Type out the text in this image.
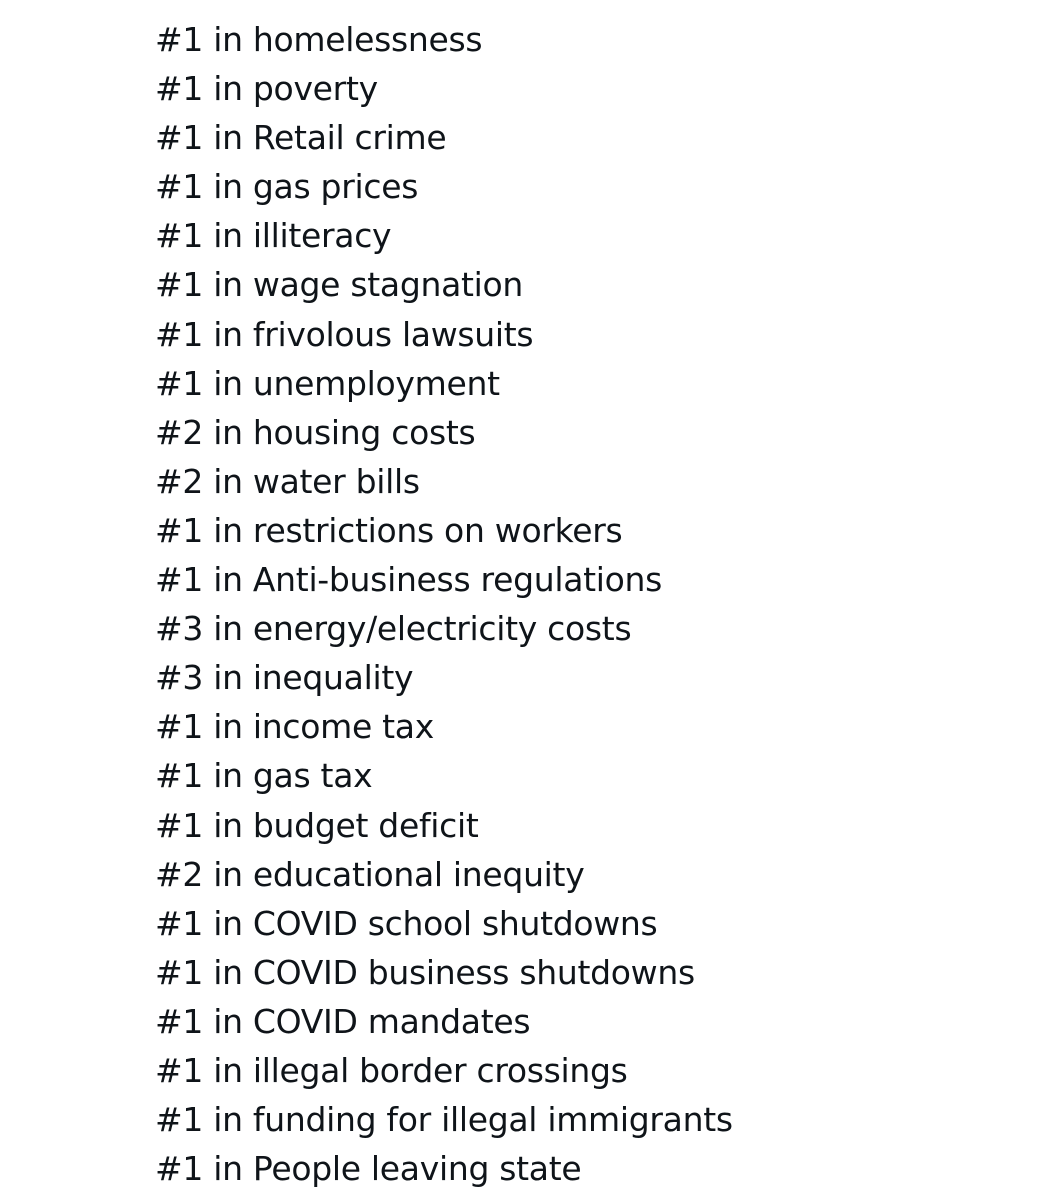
#1 in homelessness
#1 in poverty
#1 in Retail crime
#1 in gas prices
#1 in illiteracy
#1 in wage stagnation
#1 in frivolous lawsuits
#1 in unemployment
#2 in housing costs
#2 in water bills
#1 in restrictions on workers
#1 in Anti-business regulations
#3 in energy/electricity costs
#3 in inequality
#1 in income tax
#1 in gas tax
#1 in budget deficit
#2 in educational inequity
#1 in COVID school shutdowns
#1 in COVID business shutdowns
#1 in COVID mandates
#1 in illegal border crossings
#1 in funding for illegal immigrants
#1 in People leaving state
